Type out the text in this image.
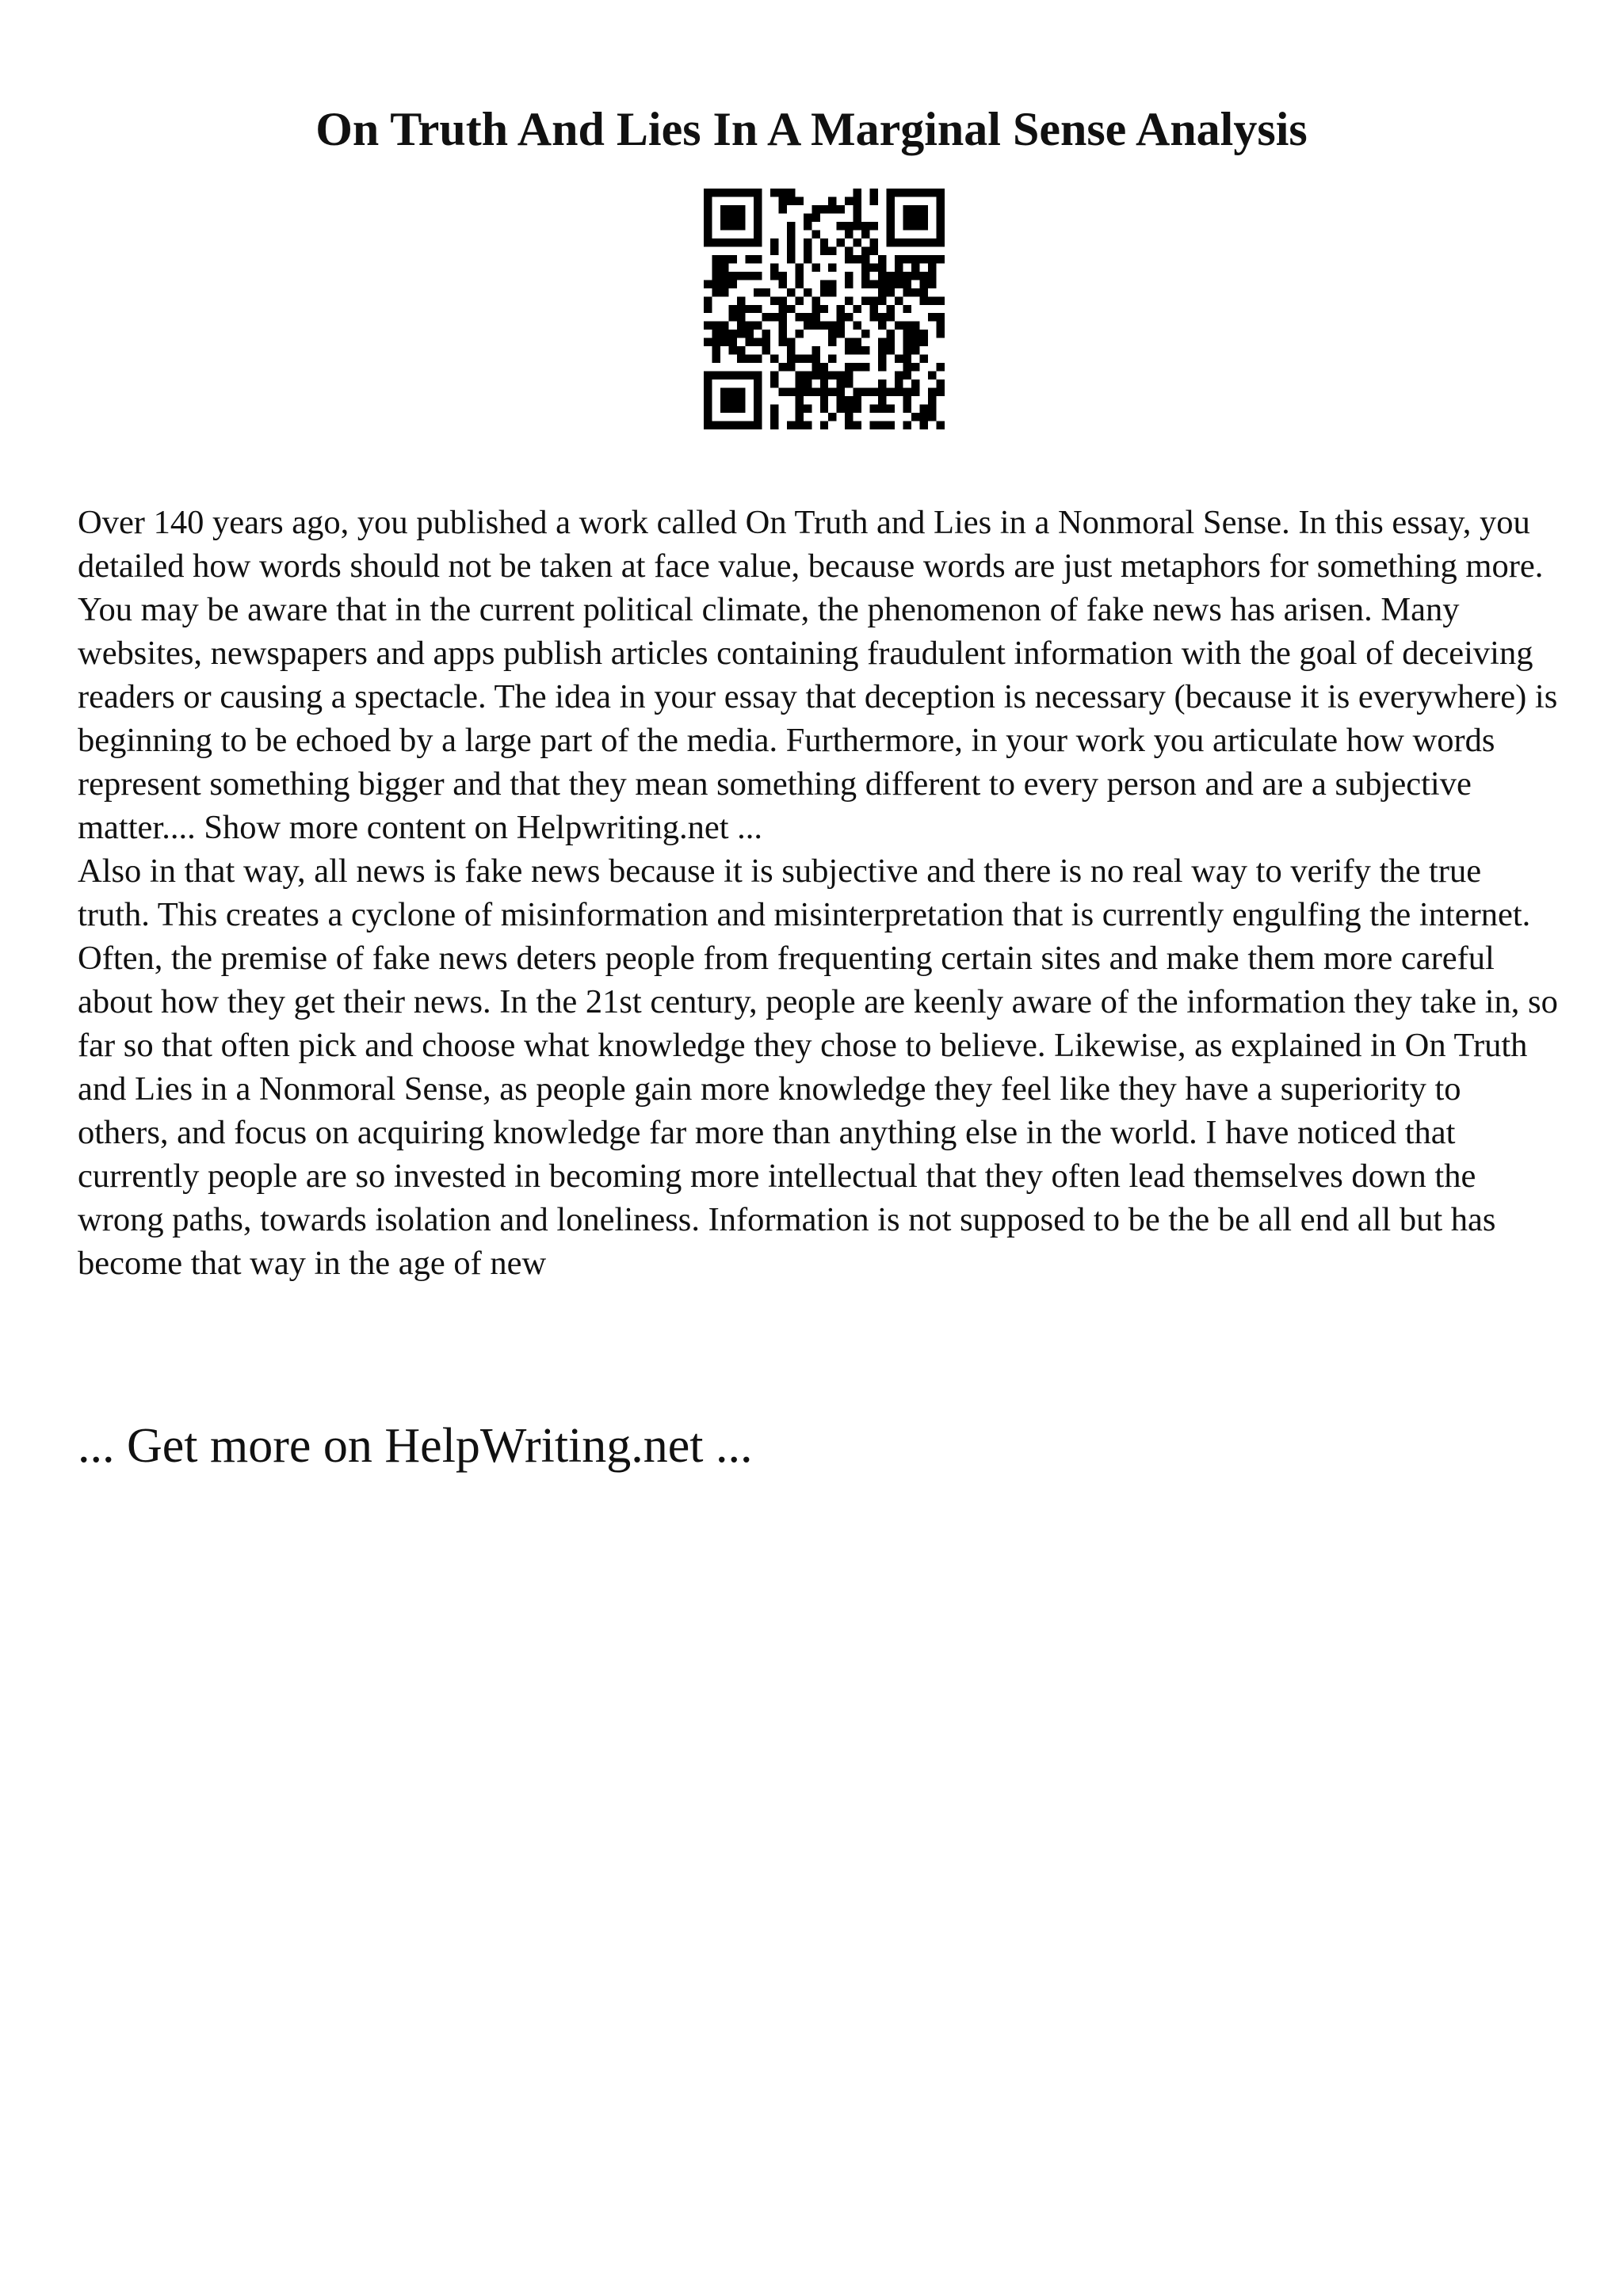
On Truth And Lies In A Marginal Sense Analysis

Over 140 years ago, you published a work called On Truth and Lies in a Nonmoral Sense. In this essay, you detailed how words should not be taken at face value, because words are just metaphors for something more. You may be aware that in the current political climate, the phenomenon of fake news has arisen. Many websites, newspapers and apps publish articles containing fraudulent information with the goal of deceiving readers or causing a spectacle. The idea in your essay that deception is necessary (because it is everywhere) is beginning to be echoed by a large part of the media. Furthermore, in your work you articulate how words represent something bigger and that they mean something different to every person and are a subjective matter.... Show more content on Helpwriting.net ...

Also in that way, all news is fake news because it is subjective and there is no real way to verify the true truth. This creates a cyclone of misinformation and misinterpretation that is currently engulfing the internet. Often, the premise of fake news deters people from frequenting certain sites and make them more careful about how they get their news. In the 21st century, people are keenly aware of the information they take in, so far so that often pick and choose what knowledge they chose to believe. Likewise, as explained in On Truth and Lies in a Nonmoral Sense, as people gain more knowledge they feel like they have a superiority to others, and focus on acquiring knowledge far more than anything else in the world. I have noticed that currently people are so invested in becoming more intellectual that they often lead themselves down the wrong paths, towards isolation and loneliness. Information is not supposed to be the be all end all but has become that way in the age of new

... Get more on HelpWriting.net ...
